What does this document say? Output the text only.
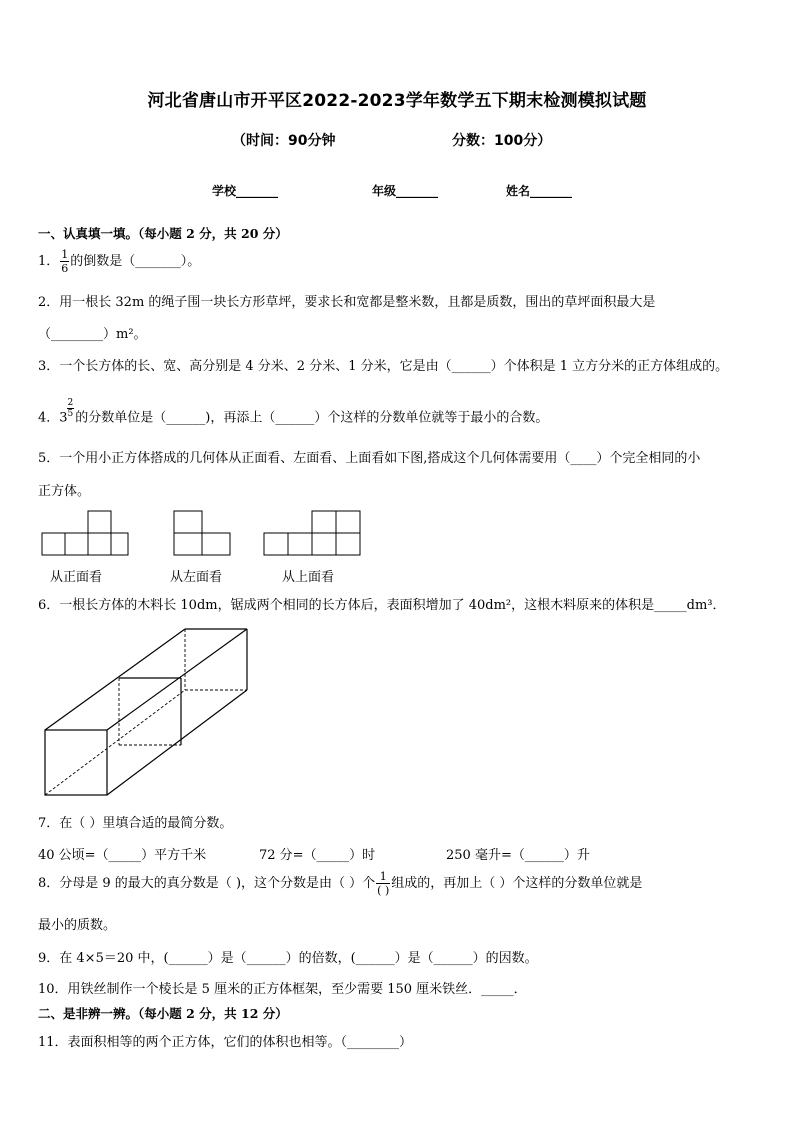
河北省唐山市开平区2022-2023学年数学五下期末检测模拟试题
（时间：90分钟	分数：100分）
学校_______	年级_______	姓名_______
一、认真填一填。（每小题 2 分，共 20 分）
1． $\frac{1}{6}$ 的倒数是（_______）。
2．用一根长 32m 的绳子围一块长方形草坪，要求长和宽都是整米数，且都是质数，围出的草坪面积最大是
（________）m²。
3．一个长方体的长、宽、高分别是 4 分米、2 分米、1 分米，它是由（______）个体积是 1 立方分米的正方体组成的。
4．$3 \frac{2}{5}$ 的分数单位是（______)，再添上（______）个这样的分数单位就等于最小的合数。
5．一个用小正方体搭成的几何体从正面看、左面看、上面看如下图,搭成这个几何体需要用（____）个完全相同的小
正方体。
从正面看	从左面看	从上面看
6．一根长方体的木料长 10dm，锯成两个相同的长方体后，表面积增加了 40dm²，这根木料原来的体积是_____dm³．
7．在（ ）里填合适的最简分数。
40 公顷=（_____）平方千米	72 分=（_____）时	250 毫升=（______）升
8．分母是 9 的最大的真分数是（ )，这个分数是由（ ）个 $\frac{1}{( )}$ 组成的，再加上（ ）个这样的分数单位就是
最小的质数。
9．在 4×5＝20 中，(______）是（______）的倍数，(______）是（______）的因数。
10．用铁丝制作一个棱长是 5 厘米的正方体框架，至少需要 150 厘米铁丝．_____．
二、是非辨一辨。（每小题 2 分，共 12 分）
11．表面积相等的两个正方体，它们的体积也相等。（________）
